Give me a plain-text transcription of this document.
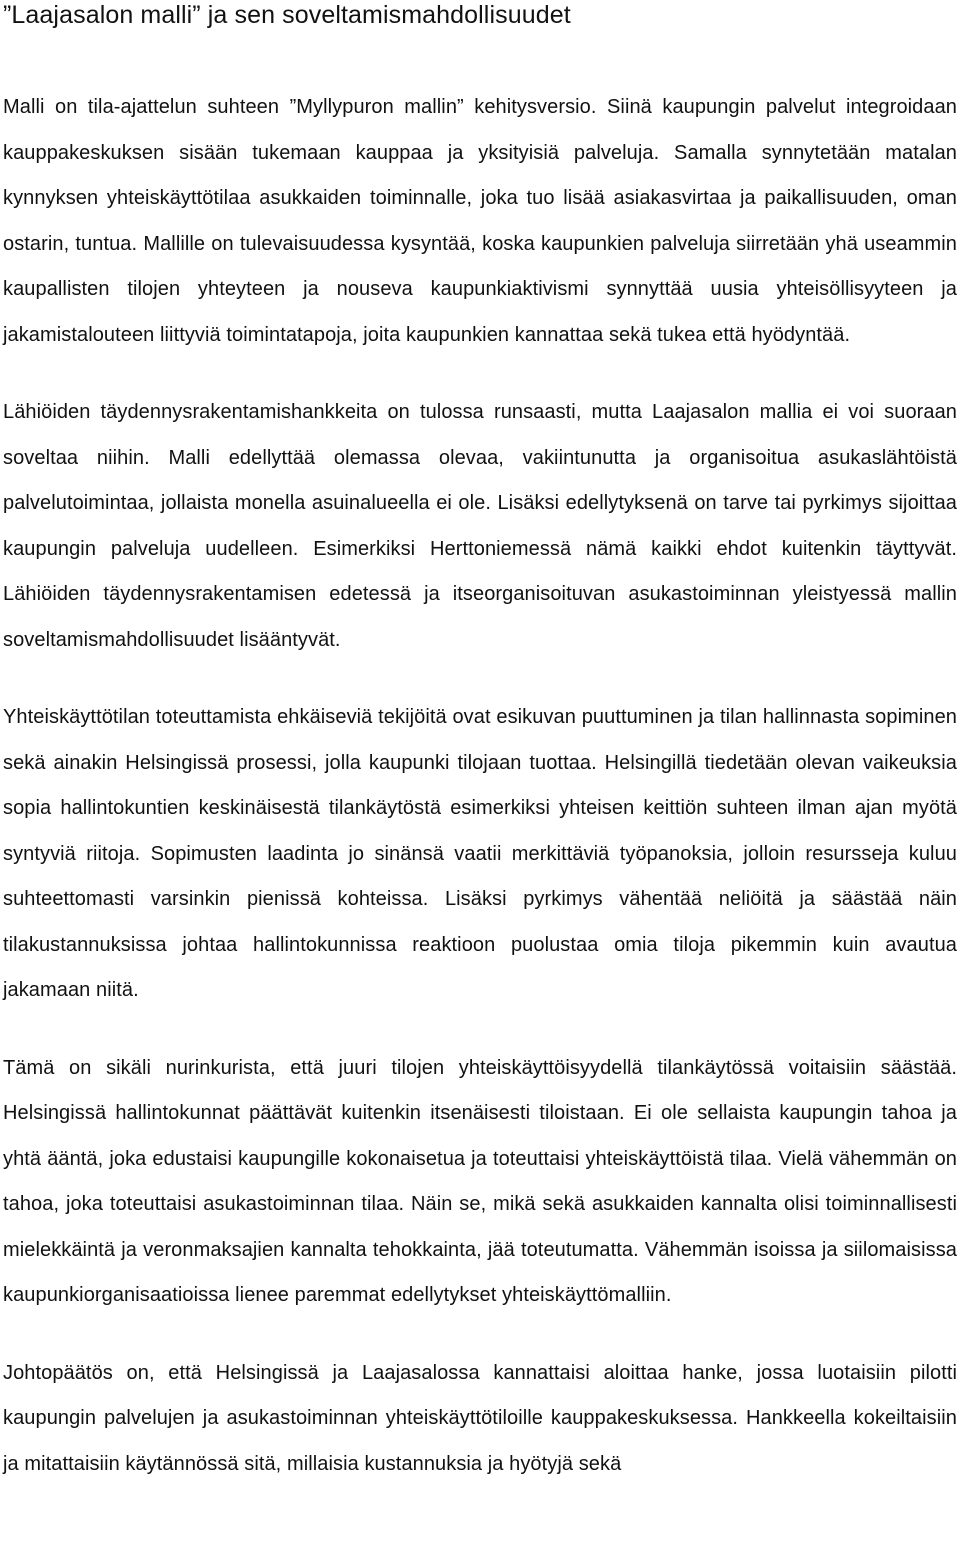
”Laajasalon malli” ja sen soveltamismahdollisuudet

Malli on tila-ajattelun suhteen ”Myllypuron mallin” kehitysversio. Siinä kaupungin palvelut integroidaan kauppakeskuksen sisään tukemaan kauppaa ja yksityisiä palveluja. Samalla synnytetään matalan kynnyksen yhteiskäyttötilaa asukkaiden toiminnalle, joka tuo lisää asiakasvirtaa ja paikallisuuden, oman ostarin, tuntua. Mallille on tulevaisuudessa kysyntää, koska kaupunkien palveluja siirretään yhä useammin kaupallisten tilojen yhteyteen ja nouseva kaupunkiaktivismi synnyttää uusia yhteisöllisyyteen ja jakamistalouteen liittyviä toimintatapoja, joita kaupunkien kannattaa sekä tukea että hyödyntää.

Lähiöiden täydennysrakentamishankkeita on tulossa runsaasti, mutta Laajasalon mallia ei voi suoraan soveltaa niihin. Malli edellyttää olemassa olevaa, vakiintunutta ja organisoitua asukaslähtöistä palvelutoimintaa, jollaista monella asuinalueella ei ole. Lisäksi edellytyksenä on tarve tai pyrkimys sijoittaa kaupungin palveluja uudelleen. Esimerkiksi Herttoniemessä nämä kaikki ehdot kuitenkin täyttyvät. Lähiöiden täydennysrakentamisen edetessä ja itseorganisoituvan asukastoiminnan yleistyessä mallin soveltamismahdollisuudet lisääntyvät.

Yhteiskäyttötilan toteuttamista ehkäiseviä tekijöitä ovat esikuvan puuttuminen ja tilan hallinnasta sopiminen sekä ainakin Helsingissä prosessi, jolla kaupunki tilojaan tuottaa. Helsingillä tiedetään olevan vaikeuksia sopia hallintokuntien keskinäisestä tilankäytöstä esimerkiksi yhteisen keittiön suhteen ilman ajan myötä syntyviä riitoja. Sopimusten laadinta jo sinänsä vaatii merkittäviä työpanoksia, jolloin resursseja kuluu suhteettomasti varsinkin pienissä kohteissa. Lisäksi pyrkimys vähentää neliöitä ja säästää näin tilakustannuksissa johtaa hallintokunnissa reaktioon puolustaa omia tiloja pikemmin kuin avautua jakamaan niitä.

Tämä on sikäli nurinkurista, että juuri tilojen yhteiskäyttöisyydellä tilankäytössä voitaisiin säästää. Helsingissä hallintokunnat päättävät kuitenkin itsenäisesti tiloistaan. Ei ole sellaista kaupungin tahoa ja yhtä ääntä, joka edustaisi kaupungille kokonaisetua ja toteuttaisi yhteiskäyttöistä tilaa. Vielä vähemmän on tahoa, joka toteuttaisi asukastoiminnan tilaa. Näin se, mikä sekä asukkaiden kannalta olisi toiminnallisesti mielekkäintä ja veronmaksajien kannalta tehokkainta, jää toteutumatta. Vähemmän isoissa ja siilomaisissa kaupunkiorganisaatioissa lienee paremmat edellytykset yhteiskäyttömalliin.

Johtopäätös on, että Helsingissä ja Laajasalossa kannattaisi aloittaa hanke, jossa luotaisiin pilotti kaupungin palvelujen ja asukastoiminnan yhteiskäyttötiloille kauppakeskuksessa. Hankkeella kokeiltaisiin ja mitattaisiin käytännössä sitä, millaisia kustannuksia ja hyötyjä sekä
